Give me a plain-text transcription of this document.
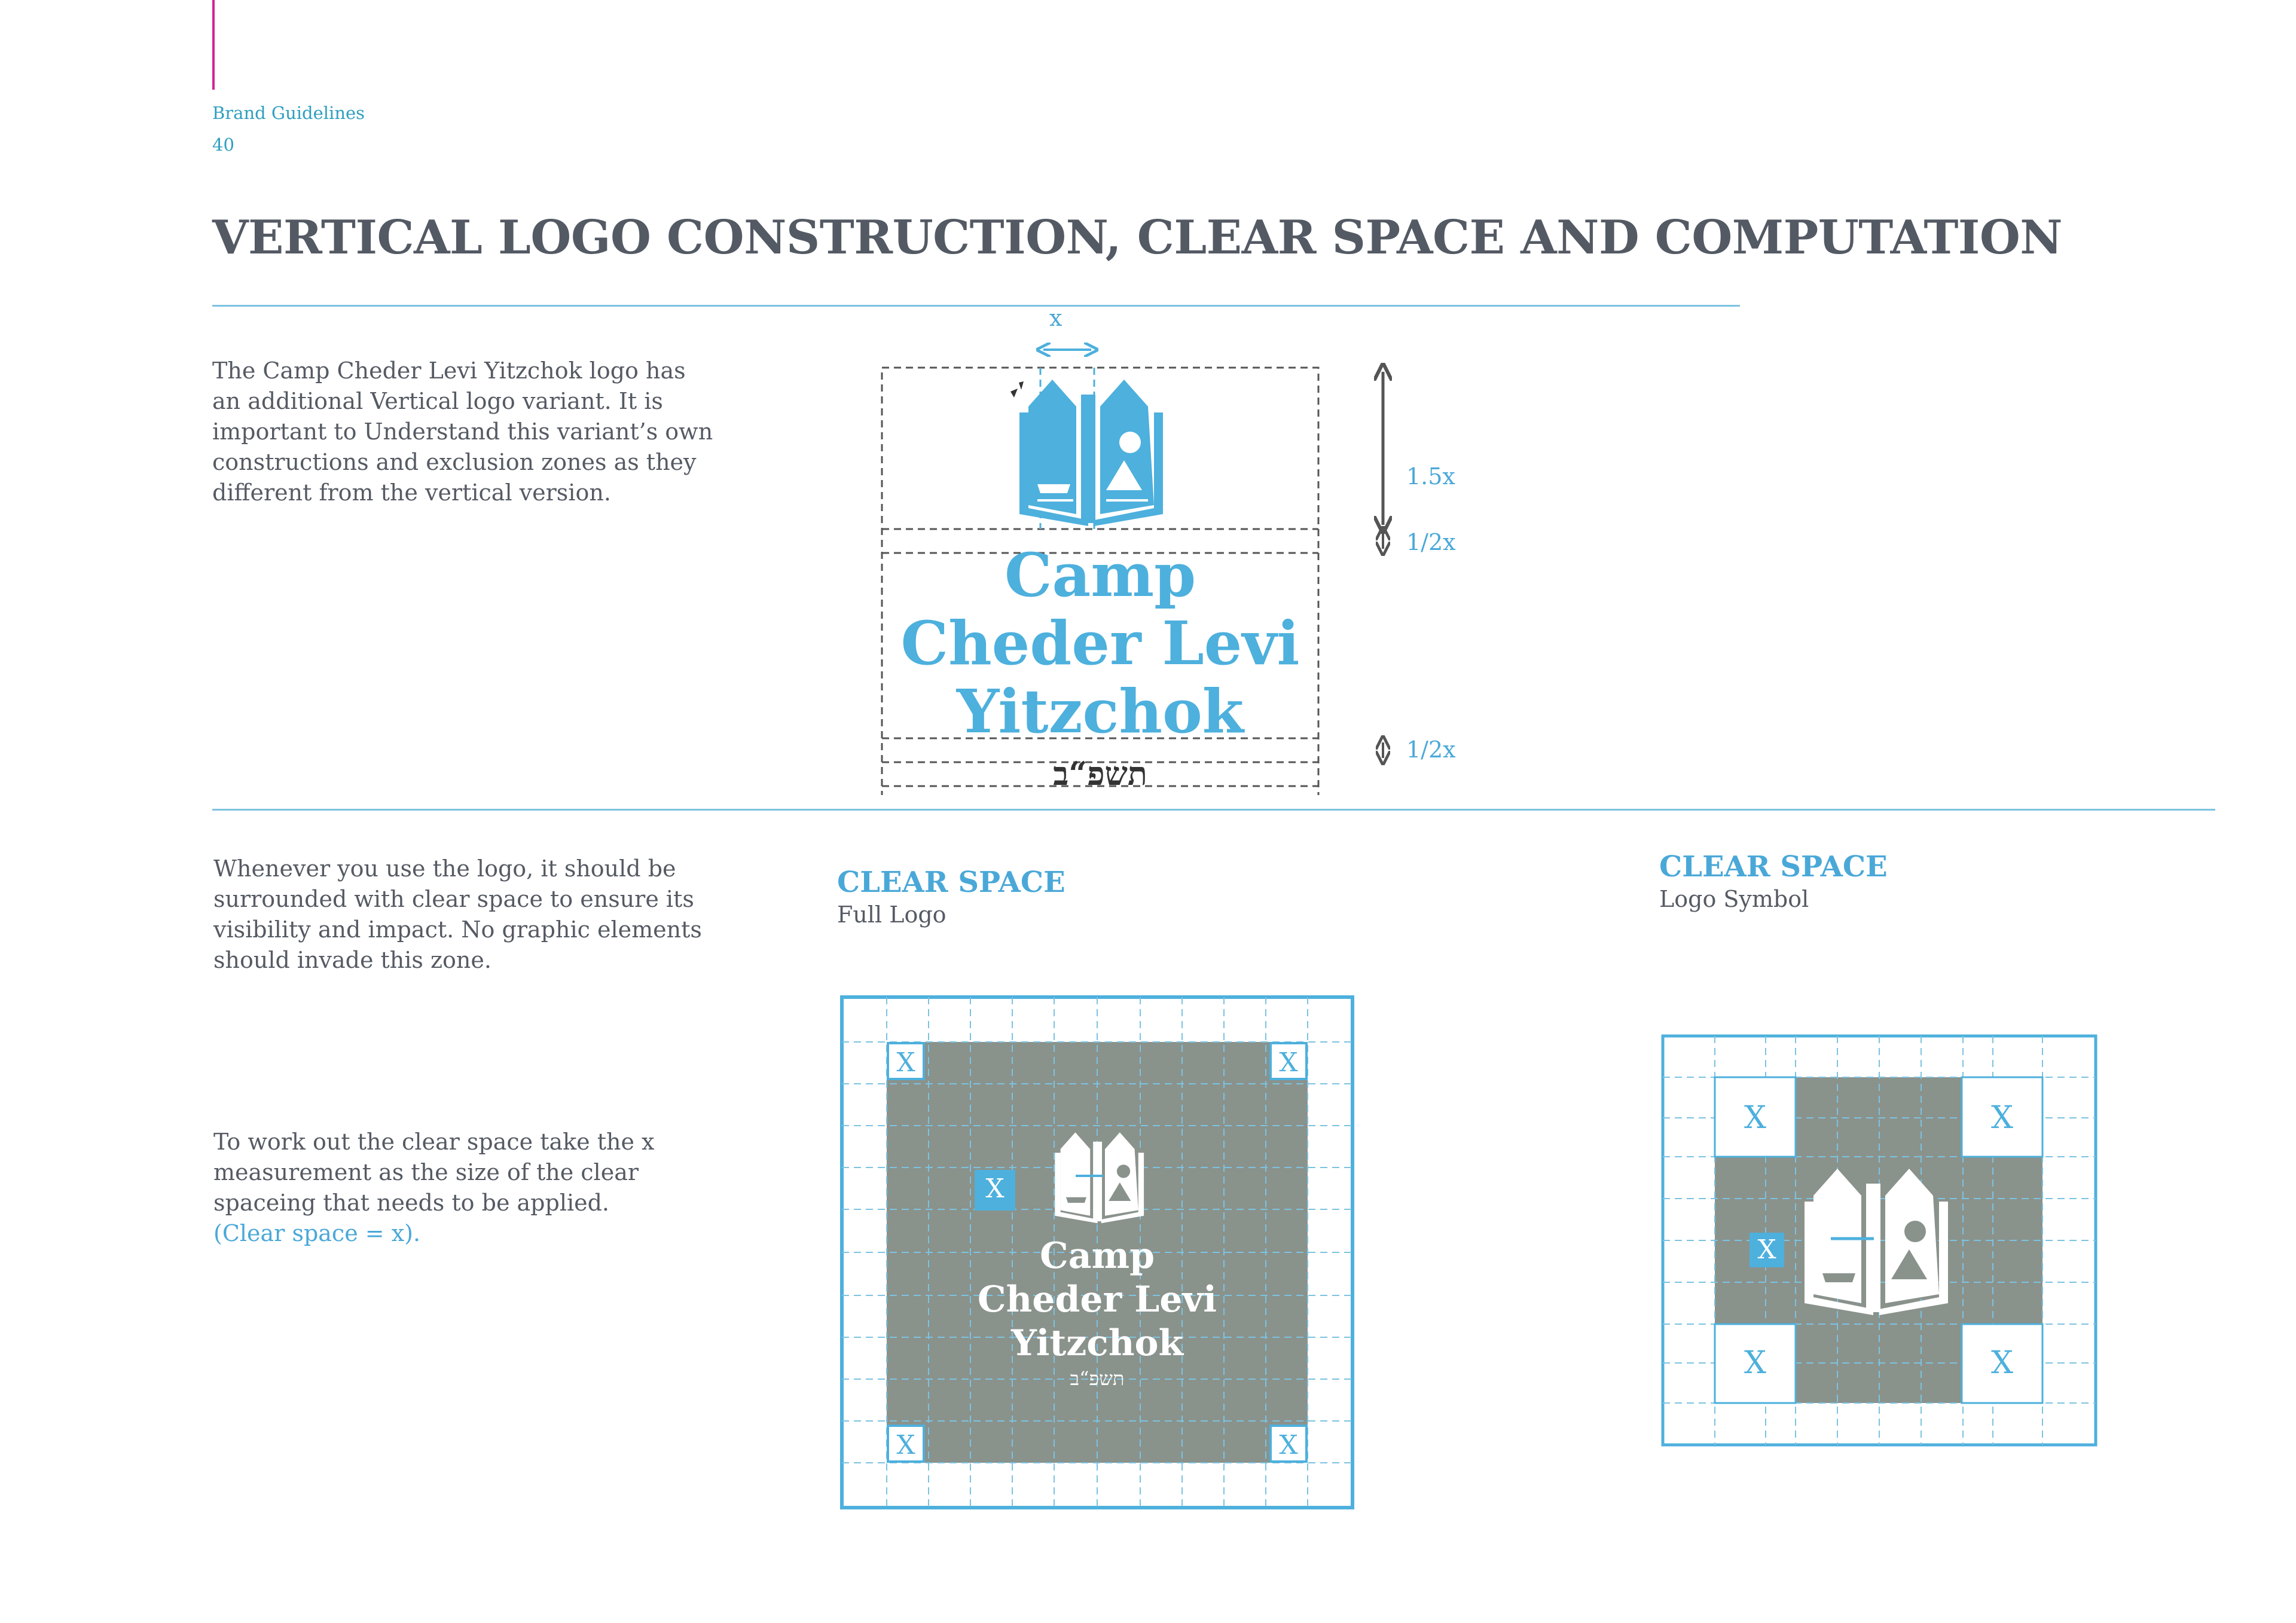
Brand Guidelines
40
VERTICAL LOGO CONSTRUCTION, CLEAR SPACE AND COMPUTATION
The Camp Cheder Levi Yitzchok logo has an additional Vertical logo variant. It is important to Understand this variant’s own constructions and exclusion zones as they different from the vertical version.
Camp
Cheder Levi
Yitzchok
תשפ“ב
x
1.5x
1/2x
1/2x
Whenever you use the logo, it should be surrounded with clear space to ensure its visibility and impact. No graphic elements should invade this zone.
To work out the clear space take the x measurement as the size of the clear spaceing that needs to be applied.
(Clear space = x).
CLEAR SPACE
Full Logo
X	X
X	X
X
Camp
Cheder Levi
Yitzchok
תשפ“ב
CLEAR SPACE
Logo Symbol
X	X
X	X
X
